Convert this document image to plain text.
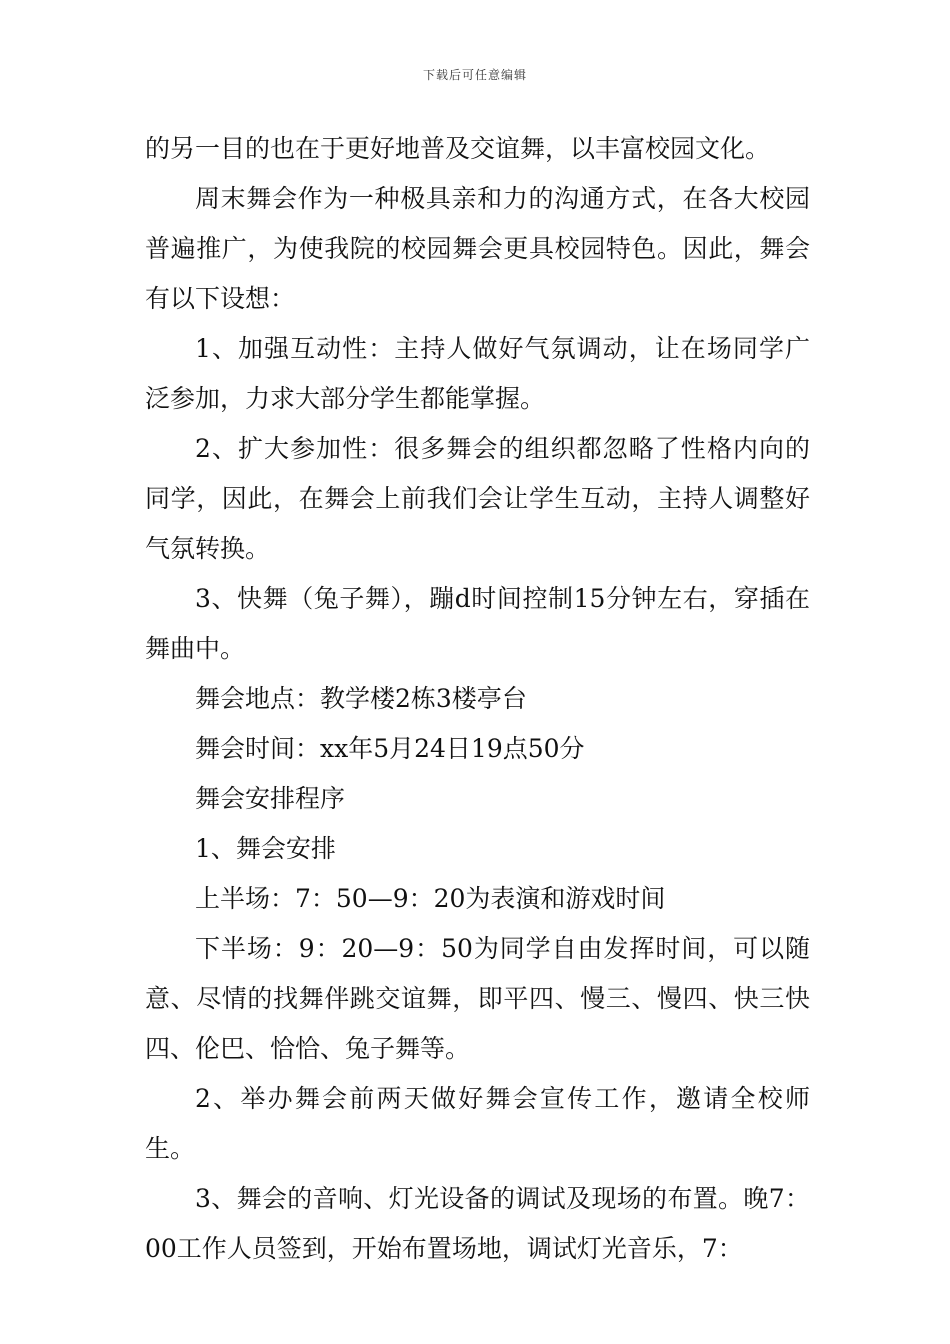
下载后可任意编辑

的另一目的也在于更好地普及交谊舞，以丰富校园文化。

周末舞会作为一种极具亲和力的沟通方式，在各大校园普遍推广，为使我院的校园舞会更具校园特色。因此，舞会有以下设想：

1、加强互动性：主持人做好气氛调动，让在场同学广泛参加，力求大部分学生都能掌握。

2、扩大参加性：很多舞会的组织都忽略了性格内向的同学，因此，在舞会上前我们会让学生互动，主持人调整好气氛转换。

3、快舞（兔子舞），蹦d时间控制15分钟左右，穿插在舞曲中。

舞会地点：教学楼2栋3楼亭台

舞会时间：xx年5月24日19点50分

舞会安排程序

1、舞会安排

上半场：7：50—9：20为表演和游戏时间

下半场：9：20—9：50为同学自由发挥时间，可以随意、尽情的找舞伴跳交谊舞，即平四、慢三、慢四、快三快四、伦巴、恰恰、兔子舞等。

2、举办舞会前两天做好舞会宣传工作，邀请全校师生。

3、舞会的音响、灯光设备的调试及现场的布置。晚7：00工作人员签到，开始布置场地，调试灯光音乐，7：
